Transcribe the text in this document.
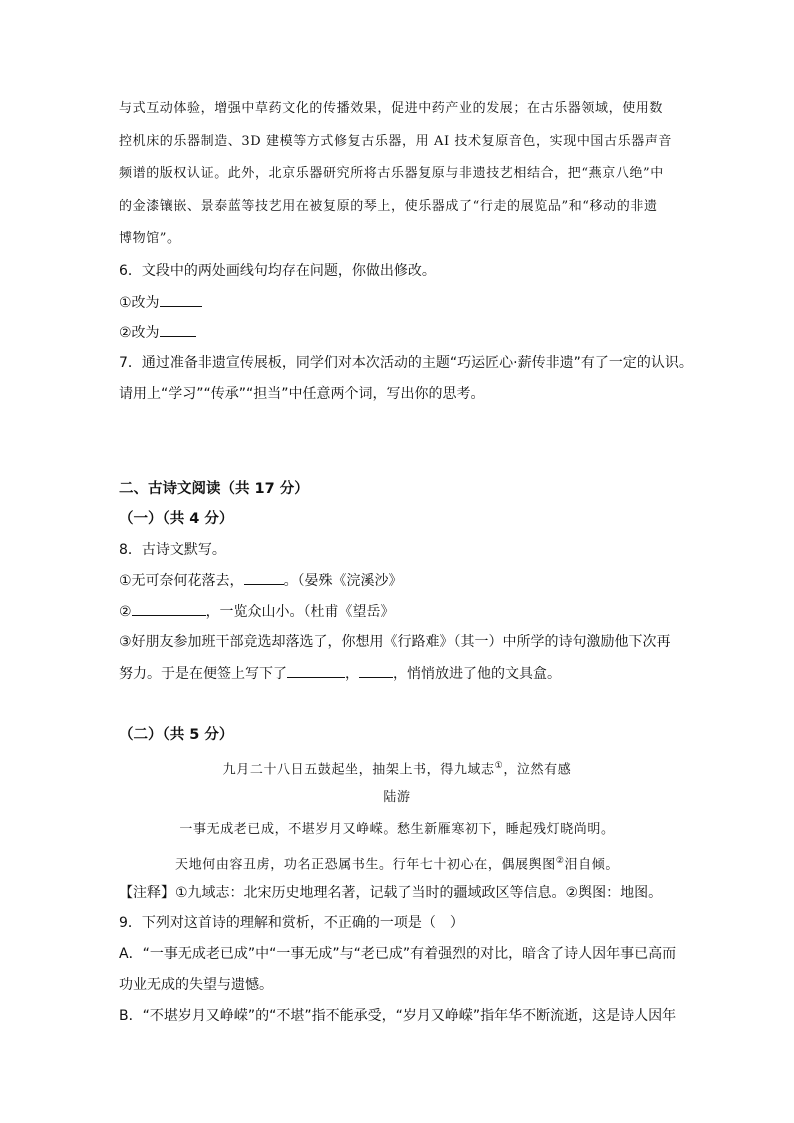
与式互动体验，增强中草药文化的传播效果，促进中药产业的发展；在古乐器领域，使用数
控机床的乐器制造、3D 建模等方式修复古乐器，用 AI 技术复原音色，实现中国古乐器声音
频谱的版权认证。此外，北京乐器研究所将古乐器复原与非遗技艺相结合，把“燕京八绝”中
的金漆镶嵌、景泰蓝等技艺用在被复原的琴上，使乐器成了“行走的展览品”和“移动的非遗
博物馆”。
6．文段中的两处画线句均存在问题，你做出修改。
①改为
②改为
7．通过准备非遗宣传展板，同学们对本次活动的主题“巧运匠心·薪传非遗”有了一定的认识。
请用上“学习”“传承”“担当”中任意两个词，写出你的思考。
二、古诗文阅读（共 17 分）
（一）（共 4 分）
8．古诗文默写。
①无可奈何花落去，	。（晏殊《浣溪沙》
②	，一览众山小。（杜甫《望岳》
③好朋友参加班干部竞选却落选了，你想用《行路难》（其一）中所学的诗句激励他下次再
努力。于是在便签上写下了	， ，悄悄放进了他的文具盒。
（二）（共 5 分）
九月二十八日五鼓起坐，抽架上书，得九域志①，泣然有感
陆游
一事无成老已成，不堪岁月又峥嵘。愁生新雁寒初下，睡起残灯晓尚明。
天地何由容丑虏，功名正恐属书生。行年七十初心在，偶展舆图②泪自倾。
【注释】①九域志：北宋历史地理名著，记载了当时的疆域政区等信息。②舆图：地图。
9．下列对这首诗的理解和赏析，不正确的一项是（　）
A．“一事无成老已成”中“一事无成”与“老已成”有着强烈的对比，暗含了诗人因年事已高而
功业无成的失望与遗憾。
B．“不堪岁月又峥嵘”的“不堪”指不能承受，“岁月又峥嵘”指年华不断流逝，这是诗人因年
